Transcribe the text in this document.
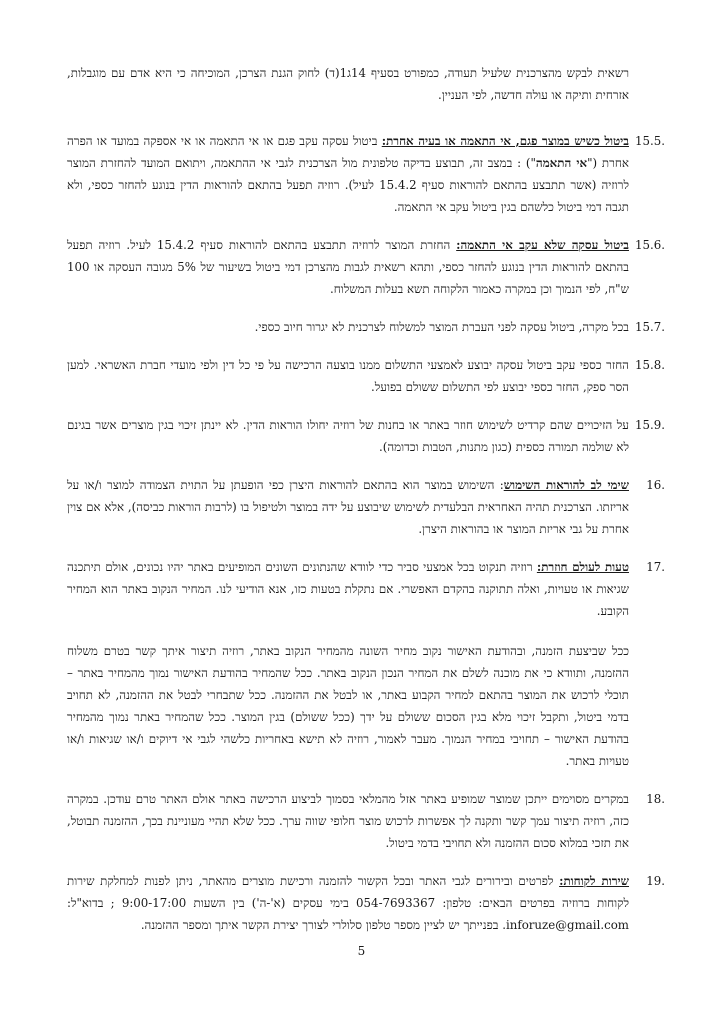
רשאית לבקש מהצרכנית שלעיל תעודה, כמפורט בסעיף 14ג1(ד) לחוק הגנת הצרכן, המוכיחה כי היא אדם עם מוגבלות, אזרחית ותיקה או עולה חדשה, לפי העניין.
15.5.
ביטול כשיש במוצר פגם, אי התאמה או בעיה אחרת: ביטול עסקה עקב פגם או אי התאמה או אי אספקה במועד או הפרה אחרת ("אי התאמה") : במצב זה, תבוצע בדיקה טלפונית מול הצרכנית לגבי אי ההתאמה, ויתואם המועד להחזרת המוצר לרוזיה (אשר תתבצע בהתאם להוראות סעיף 15.4.2 לעיל). רוזיה תפעל בהתאם להוראות הדין בנוגע להחזר כספי, ולא תגבה דמי ביטול כלשהם בגין ביטול עקב אי התאמה.
15.6.
ביטול עסקה שלא עקב אי התאמה: החזרת המוצר לרוזיה תתבצע בהתאם להוראות סעיף 15.4.2 לעיל. רוזיה תפעל בהתאם להוראות הדין בנוגע להחזר כספי, ותהא רשאית לגבות מהצרכן דמי ביטול בשיעור של 5% מגובה העסקה או 100 ש"ח, לפי הנמוך וכן במקרה כאמור הלקוחה תשא בעלות המשלוח.
15.7.
בכל מקרה, ביטול עסקה לפני העברת המוצר למשלוח לצרכנית לא יגרור חיוב כספי.
15.8.
החזר כספי עקב ביטול עסקה יבוצע לאמצעי התשלום ממנו בוצעה הרכישה על פי כל דין ולפי מועדי חברת האשראי. למען הסר ספק, החזר כספי יבוצע לפי התשלום ששולם בפועל.
15.9.
על הזיכויים שהם קרדיט לשימוש חוזר באתר או בחנות של רוזיה יחולו הוראות הדין. לא יינתן זיכוי בגין מוצרים אשר בגינם לא שולמה תמורה כספית (כגון מתנות, הטבות וכדומה).
16.
שימי לב להוראות השימוש: השימוש במוצר הוא בהתאם להוראות היצרן כפי הופעתן על התוית הצמודה למוצר ו/או על אריזתו. הצרכנית תהיה האחראית הבלעדית לשימוש שיבוצע על ידה במוצר ולטיפול בו (לרבות הוראות כביסה), אלא אם צוין אחרת על גבי אריזת המוצר או בהוראות היצרן.
17.

טעות לעולם חוזרת: רוזיה תנקוט בכל אמצעי סביר כדי לוודא שהנתונים השונים המופיעים באתר יהיו נכונים, אולם תיתכנה שגיאות או טעויות, ואלה תתוקנה בהקדם האפשרי. אם נתקלת בטעות כזו, אנא הודיעי לנו. המחיר הנקוב באתר הוא המחיר הקובע.

ככל שביצעת הזמנה, ובהודעת האישור נקוב מחיר השונה מהמחיר הנקוב באתר, רוזיה תיצור איתך קשר בטרם משלוח ההזמנה, ותוודא כי את מוכנה לשלם את המחיר הנכון הנקוב באתר. ככל שהמחיר בהודעת האישור נמוך מהמחיר באתר – תוכלי לרכוש את המוצר בהתאם למחיר הקבוע באתר, או לבטל את ההזמנה. ככל שתבחרי לבטל את ההזמנה, לא תחויב בדמי ביטול, ותקבל זיכוי מלא בגין הסכום ששולם על ידך (ככל ששולם) בגין המוצר. ככל שהמחיר באתר נמוך מהמחיר בהודעת האישור – תחויבי במחיר הנמוך. מעבר לאמור, רוזיה לא תישא באחריות כלשהי לגבי אי דיוקים ו/או שגיאות ו/או טעויות באתר.

18.
במקרים מסוימים ייתכן שמוצר שמופיע באתר אזל מהמלאי בסמוך לביצוע הרכישה באתר אולם האתר טרם עודכן. במקרה כזה, רוזיה תיצור עמך קשר ותקנה לך אפשרות לרכוש מוצר חלופי שווה ערך. ככל שלא תהיי מעוניינת בכך, ההזמנה תבוטל, את תזכי במלוא סכום ההזמנה ולא תחויבי בדמי ביטול.
19.
שירות לקוחות: לפרטים ובירורים לגבי האתר ובכל הקשור להזמנה ורכישת מוצרים מהאתר, ניתן לפנות למחלקת שירות לקוחות ברוזיה בפרטים הבאים: טלפון: 054-7693367 בימי עסקים (א'-ה') בין השעות 9:00-17:00 ; בדוא"ל: inforuze@gmail.com. בפנייתך יש לציין מספר טלפון סלולרי לצורך יצירת הקשר איתך ומספר ההזמנה.
5
